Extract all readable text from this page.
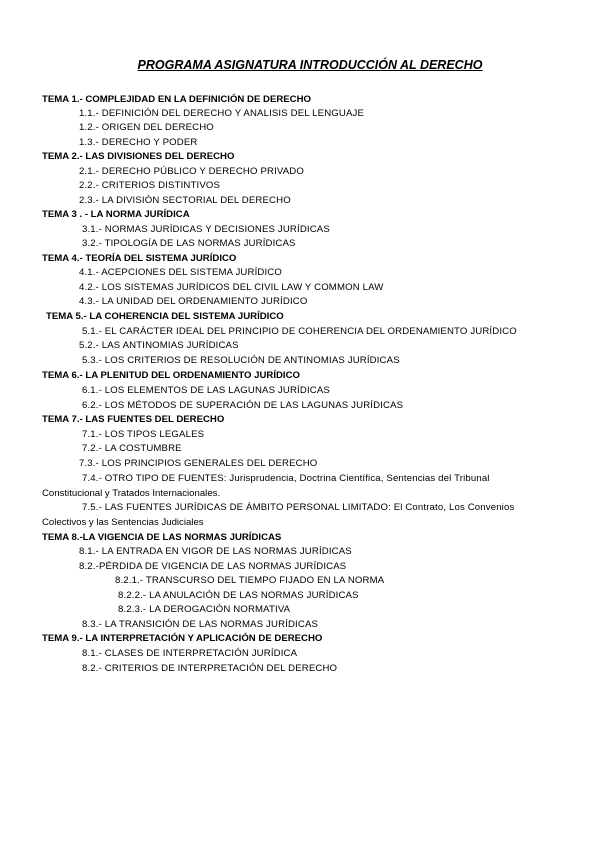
PROGRAMA ASIGNATURA INTRODUCCIÓN AL DERECHO
TEMA 1.- COMPLEJIDAD EN LA DEFINICIÓN DE DERECHO
1.1.- DEFINICIÓN DEL DERECHO Y ANALISIS DEL LENGUAJE
1.2.- ORIGEN DEL DERECHO
1.3.- DERECHO Y PODER
TEMA 2.- LAS DIVISIONES DEL DERECHO
2.1.- DERECHO PÚBLICO Y DERECHO PRIVADO
2.2.- CRITERIOS DISTINTIVOS
2.3.- LA DIVISIÓN SECTORIAL DEL DERECHO
TEMA 3 . - LA NORMA JURÍDICA
3.1.- NORMAS JURÍDICAS Y DECISIONES JURÍDICAS
3.2.- TIPOLOGÍA DE LAS NORMAS JURÍDICAS
TEMA 4.- TEORÍA DEL SISTEMA JURÍDICO
4.1.- ACEPCIONES DEL SISTEMA JURÍDICO
4.2.- LOS SISTEMAS JURÍDICOS DEL CIVIL LAW Y COMMON LAW
4.3.- LA UNIDAD DEL ORDENAMIENTO JURÍDICO
TEMA 5.- LA COHERENCIA DEL SISTEMA JURÍDICO
5.1.- EL CARÁCTER IDEAL DEL PRINCIPIO DE COHERENCIA DEL ORDENAMIENTO JURÍDICO
5.2.- LAS ANTINOMIAS JURÍDICAS
5.3.- LOS CRITERIOS DE RESOLUCIÓN DE ANTINOMIAS JURÍDICAS
TEMA 6.- LA PLENITUD DEL ORDENAMIENTO JURÍDICO
6.1.- LOS ELEMENTOS DE LAS LAGUNAS JURÍDICAS
6.2.- LOS MÉTODOS DE SUPERACIÓN DE LAS LAGUNAS JURÍDICAS
TEMA 7.- LAS FUENTES DEL DERECHO
7.1.- LOS TIPOS LEGALES
7.2.- LA COSTUMBRE
7.3.- LOS PRINCIPIOS GENERALES DEL DERECHO
7.4.- OTRO TIPO DE FUENTES: Jurisprudencia, Doctrina Científica, Sentencias del Tribunal
Constitucional y Tratados Internacionales.
7.5.- LAS FUENTES JURÍDICAS DE ÁMBITO PERSONAL LIMITADO: El Contrato, Los Convenios
Colectivos y las Sentencias Judiciales
TEMA 8.-LA VIGENCIA DE LAS NORMAS JURÍDICAS
8.1.- LA ENTRADA EN VIGOR DE LAS NORMAS JURÍDICAS
8.2.-PÉRDIDA DE VIGENCIA DE LAS NORMAS JURÍDICAS
8.2.1.- TRANSCURSO DEL TIEMPO FIJADO EN LA NORMA
8.2.2.- LA ANULACIÓN DE LAS NORMAS JURÍDICAS
8.2.3.- LA DEROGACIÓN NORMATIVA
8.3.- LA TRANSICIÓN DE LAS NORMAS JURÍDICAS
TEMA 9.- LA INTERPRETACIÓN Y APLICACIÓN DE DERECHO
8.1.- CLASES DE INTERPRETACIÓN JURÍDICA
8.2.- CRITERIOS DE INTERPRETACIÓN DEL DERECHO
